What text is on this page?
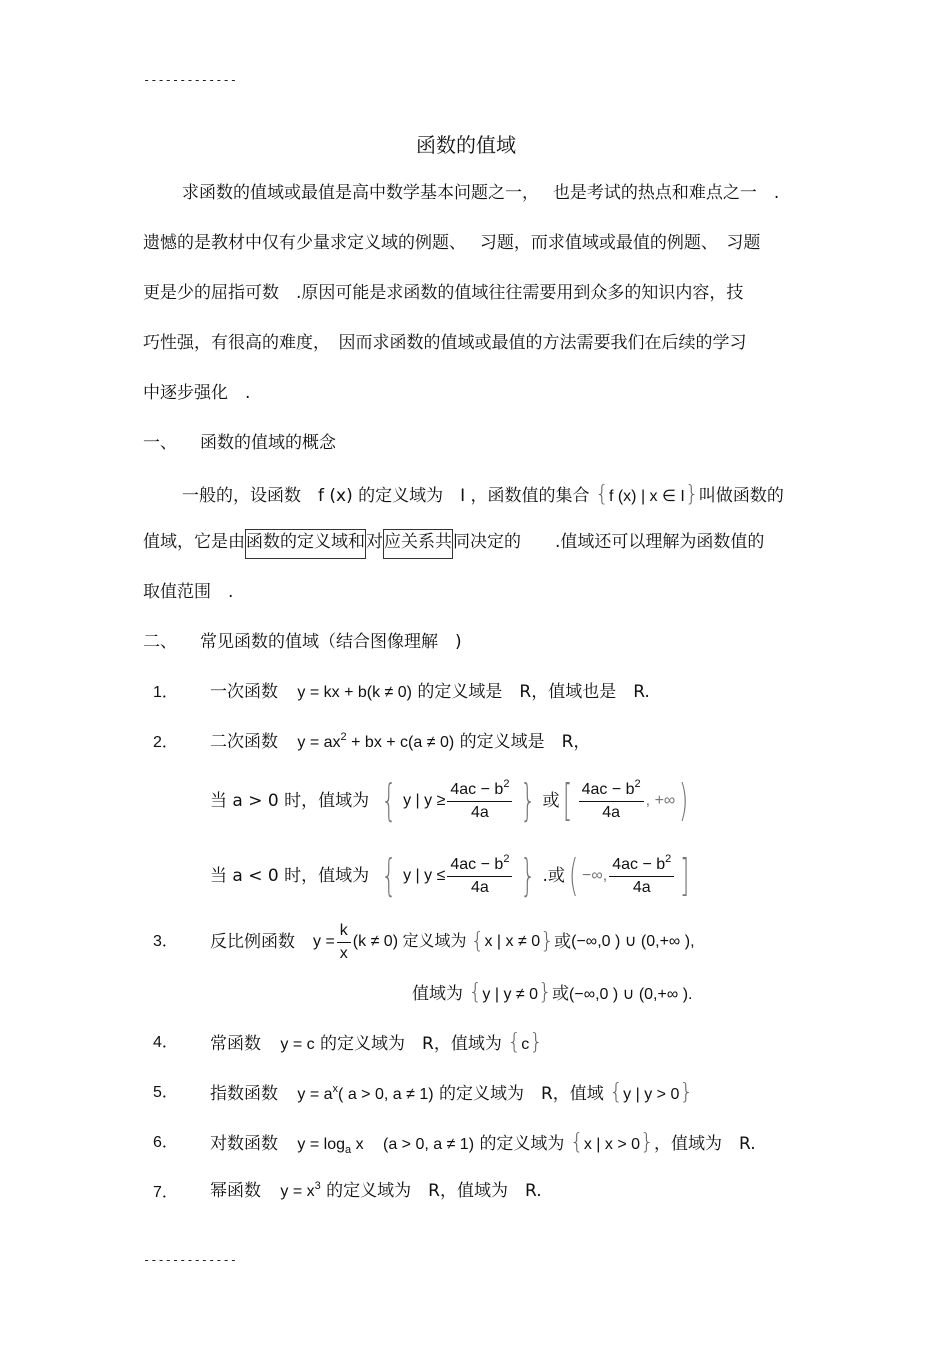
-------------
函数的值域
求函数的值域或最值是高中数学基本问题之一，　 也是考试的热点和难点之一　.
遗憾的是教材中仅有少量求定义域的例题、　 习题，而求值域或最值的例题、　习题
更是少的屈指可数　.原因可能是求函数的值域往往需要用到众多的知识内容，技
巧性强，有很高的难度，　因而求函数的值域或最值的方法需要我们在后续的学习
中逐步强化　.
一、 函数的值域的概念
一般的，设函数　f (x) 的定义域为　I ，函数值的集合 {f (x) | x ∈ I}叫做函数的
值域，它是由函数的定义域和对应关系共同决定的　　.值域还可以理解为函数值的
取值范围　.
二、 常见函数的值域（结合图像理解　)
1． 一次函数 y = kx + b(k ≠ 0) 的定义域是　R，值域也是　R.
2． 二次函数 $y = ax^2$ + bx + c(a ≠ 0) 的定义域是　R，
当 a > 0 时，值域为 { y | $y \ge \frac{4ac - b^2}{4a}$ } 或 [ $\frac{4ac - b^2}{4a}$ , +∞ )
当 a < 0 时，值域为 { y | $y \le \frac{4ac - b^2}{4a}$ } .或 ( −∞, $\frac{4ac - b^2}{4a}$ ]
3． 反比例函数 $y = \frac{k}{x} (k \ne 0)$ 定义域为 { x | x ≠ 0 } 或 (−∞,0 ) ∪ (0,+∞ ),
值域为 {y | y ≠ 0}或(−∞,0 ) ∪ (0,+∞ ).
4． 常函数 y = c 的定义域为　R，值域为 {c}
5． 指数函数 $y = a^x$( a > 0, a ≠ 1) 的定义域为　R，值域 {y | y > 0}
6． 对数函数 $y = \log_a x$ (a > 0, a ≠ 1) 的定义域为 {x | x > 0}，值域为　R.
7． 幂函数 $y = x^3$ 的定义域为　R，值域为　R.
-------------
